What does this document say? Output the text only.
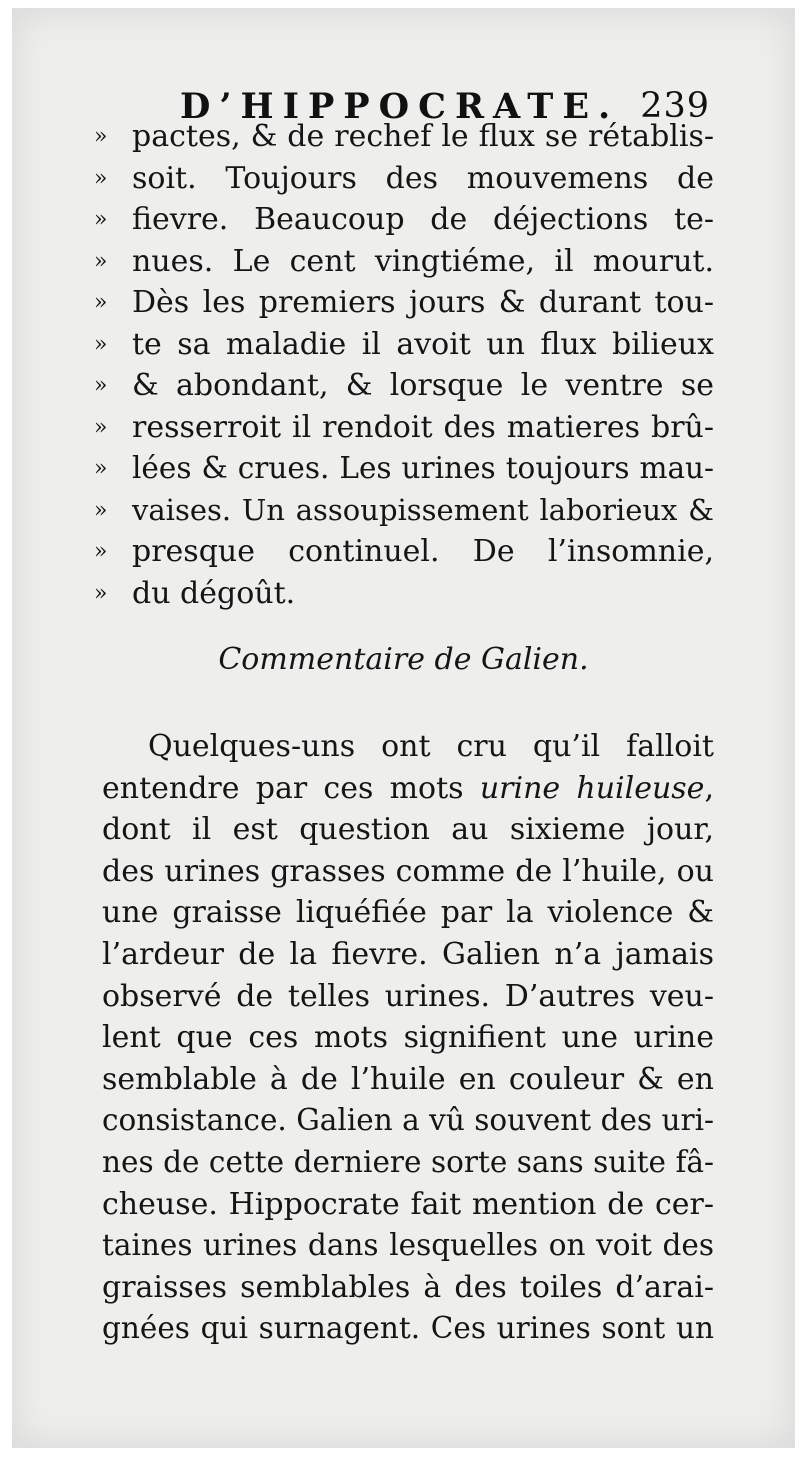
D’HIPPOCRATE. 239
» pactes, & de rechef le flux se rétablis-
» soit. Toujours des mouvemens de
» fievre. Beaucoup de déjections te-
» nues. Le cent vingtiéme, il mourut.
» Dès les premiers jours & durant tou-
» te sa maladie il avoit un flux bilieux
» & abondant, & lorsque le ventre se
» resserroit il rendoit des matieres brû-
» lées & crues. Les urines toujours mau-
» vaises. Un assoupissement laborieux &
» presque continuel. De l’insomnie,
» du dégoût.
Commentaire de Galien.
Quelques-uns ont cru qu’il falloit
entendre par ces mots urine huileuse,
dont il est question au sixieme jour,
des urines grasses comme de l’huile, ou
une graisse liquéfiée par la violence &
l’ardeur de la fievre. Galien n’a jamais
observé de telles urines. D’autres veu-
lent que ces mots signifient une urine
semblable à de l’huile en couleur & en
consistance. Galien a vû souvent des uri-
nes de cette derniere sorte sans suite fâ-
cheuse. Hippocrate fait mention de cer-
taines urines dans lesquelles on voit des
graisses semblables à des toiles d’arai-
gnées qui surnagent. Ces urines sont un
